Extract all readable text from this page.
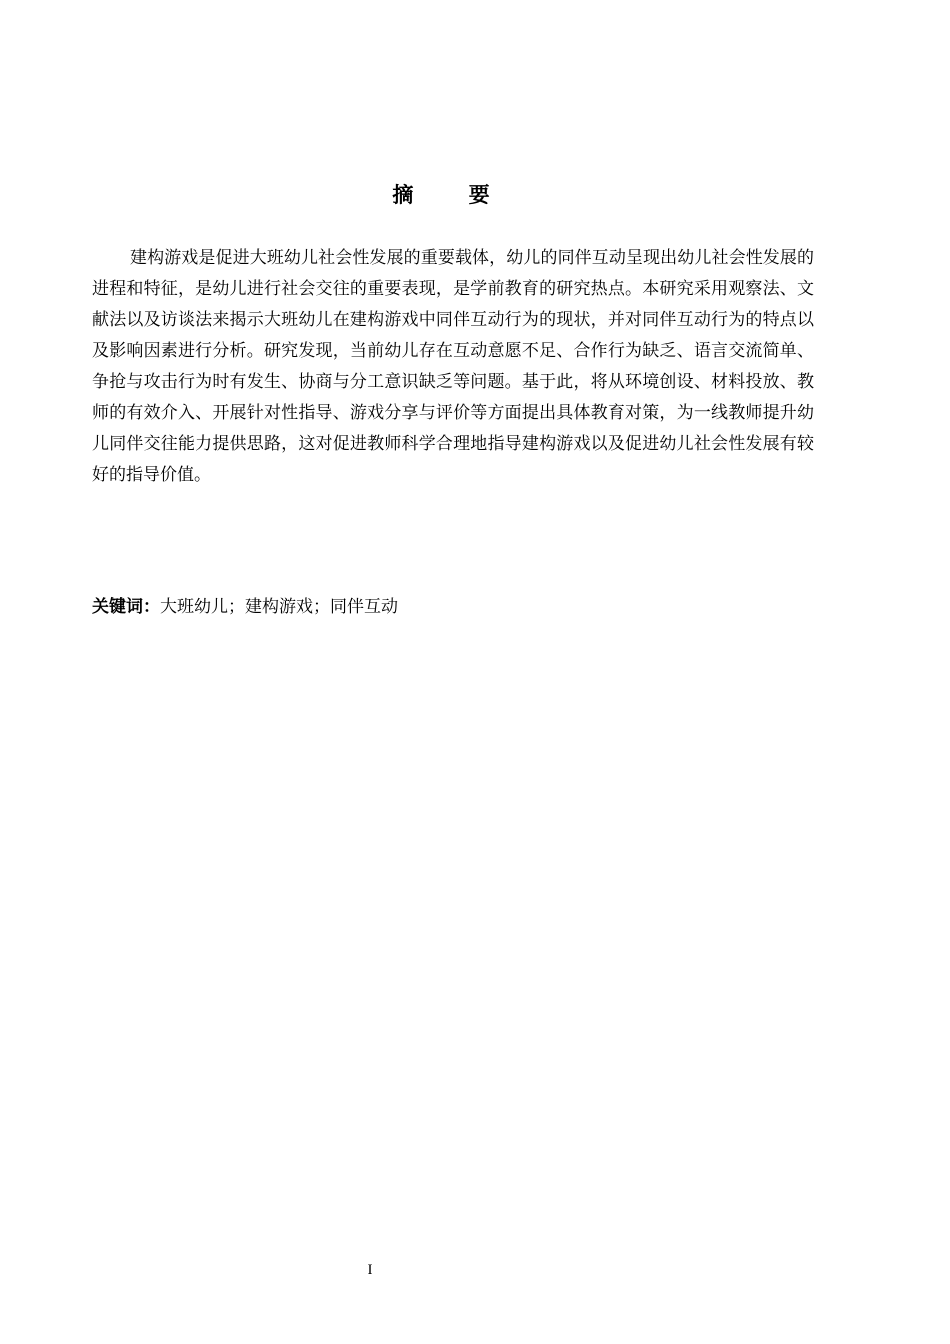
摘 要

建构游戏是促进大班幼儿社会性发展的重要载体，幼儿的同伴互动呈现出幼儿社会性发展的进程和特征，是幼儿进行社会交往的重要表现，是学前教育的研究热点。本研究采用观察法、文献法以及访谈法来揭示大班幼儿在建构游戏中同伴互动行为的现状，并对同伴互动行为的特点以及影响因素进行分析。研究发现，当前幼儿存在互动意愿不足、合作行为缺乏、语言交流简单、争抢与攻击行为时有发生、协商与分工意识缺乏等问题。基于此，将从环境创设、材料投放、教师的有效介入、开展针对性指导、游戏分享与评价等方面提出具体教育对策，为一线教师提升幼儿同伴交往能力提供思路，这对促进教师科学合理地指导建构游戏以及促进幼儿社会性发展有较好的指导价值。

关键词：大班幼儿；建构游戏；同伴互动
I
